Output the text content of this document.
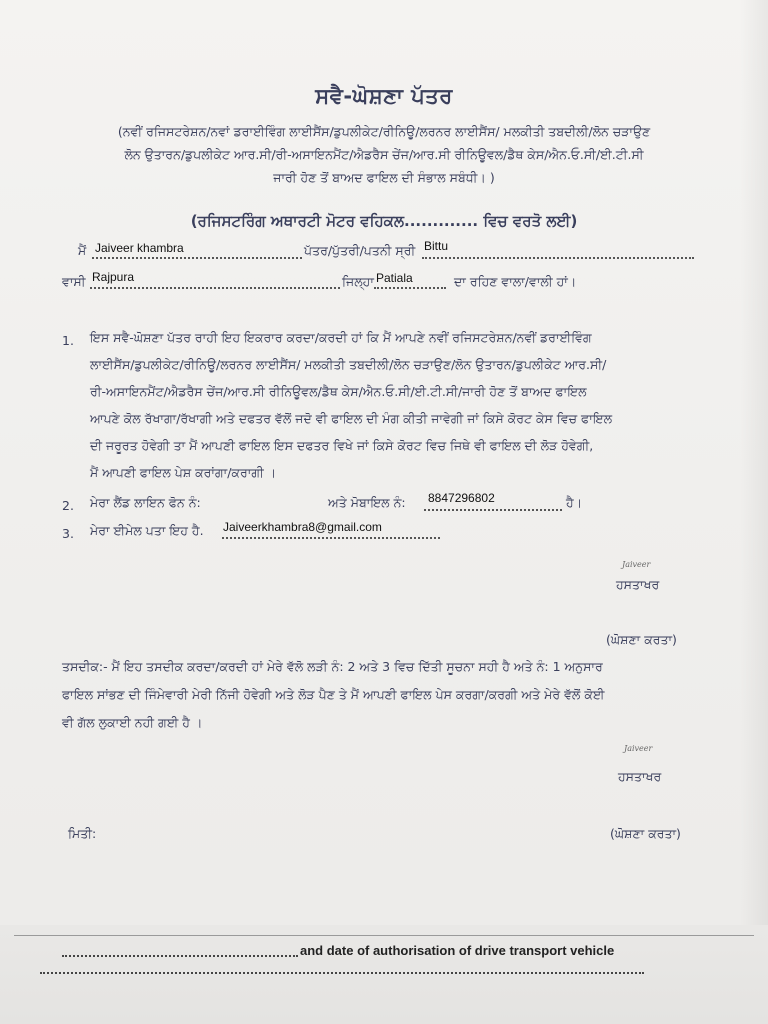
ਸਵੈ-ਘੋਸ਼ਣਾ ਪੱਤਰ
(ਨਵੀਂ ਰਜਿਸਟਰੇਸ਼ਨ/ਨਵਾਂ ਡਰਾਈਵਿੰਗ ਲਾਈਸੈਂਸ/ਡੁਪਲੀਕੇਟ/ਰੀਨਿਊ/ਲਰਨਰ ਲਾਈਸੈਂਸ/ ਮਲਕੀਤੀ ਤਬਦੀਲੀ/ਲੋਨ ਚੜਾਉਣ
ਲੋਨ ਉਤਾਰਨ/ਡੁਪਲੀਕੇਟ ਆਰ.ਸੀ/ਰੀ-ਅਸਾਇਨਮੈਂਟ/ਐਡਰੈਸ ਚੇਂਜ/ਆਰ.ਸੀ ਰੀਨਿਊਵਲ/ਡੈਥ ਕੇਸ/ਐਨ.ਓ.ਸੀ/ਈ.ਟੀ.ਸੀ
ਜਾਰੀ ਹੋਣ ਤੋਂ ਬਾਅਦ ਫਾਇਲ ਦੀ ਸੰਭਾਲ ਸਬੰਧੀ। )
(ਰਜਿਸਟਰਿੰਗ ਅਥਾਰਟੀ ਮੋਟਰ ਵਹਿਕਲ............. ਵਿਚ ਵਰਤੋ ਲਈ)
ਮੈਂ Jaiveer khambra	ਪੱਤਰ/ਪੁੱਤਰੀ/ਪਤਨੀ ਸ੍ਰੀ Bittu
ਵਾਸੀ Rajpura	ਜਿਲ੍ਹਾ Patiala	ਦਾ ਰਹਿਣ ਵਾਲਾ/ਵਾਲੀ ਹਾਂ।
1. ਇਸ ਸਵੈ-ਘੋਸ਼ਣਾ ਪੱਤਰ ਰਾਹੀ ਇਹ ਇਕਰਾਰ ਕਰਦਾ/ਕਰਦੀ ਹਾਂ ਕਿ ਮੈਂ ਆਪਣੇ ਨਵੀਂ ਰਜਿਸਟਰੇਸ਼ਨ/ਨਵੀਂ ਡਰਾਈਵਿੰਗ
ਲਾਈਸੈਂਸ/ਡੁਪਲੀਕੇਟ/ਰੀਨਿਊ/ਲਰਨਰ ਲਾਈਸੈਂਸ/ ਮਲਕੀਤੀ ਤਬਦੀਲੀ/ਲੋਨ ਚੜਾਉਣ/ਲੋਨ ਉਤਾਰਨ/ਡੁਪਲੀਕੇਟ ਆਰ.ਸੀ/
ਰੀ-ਅਸਾਇਨਮੈਂਟ/ਐਡਰੈਸ ਚੇਂਜ/ਆਰ.ਸੀ ਰੀਨਿਊਵਲ/ਡੈਥ ਕੇਸ/ਐਨ.ਓ.ਸੀ/ਈ.ਟੀ.ਸੀ/ਜਾਰੀ ਹੋਣ ਤੋਂ ਬਾਅਦ ਫਾਇਲ
ਆਪਣੇ ਕੋਲ ਰੱਖਾਗਾ/ਰੱਖਾਗੀ ਅਤੇ ਦਫਤਰ ਵੱਲੋਂ ਜਦੋ ਵੀ ਫਾਇਲ ਦੀ ਮੰਗ ਕੀਤੀ ਜਾਵੇਗੀ ਜਾਂ ਕਿਸੇ ਕੋਰਟ ਕੇਸ ਵਿਚ ਫਾਇਲ
ਦੀ ਜਰੂਰਤ ਹੋਵੇਗੀ ਤਾ ਮੈਂ ਆਪਣੀ ਫਾਇਲ ਇਸ ਦਫਤਰ ਵਿਖੇ ਜਾਂ ਕਿਸੇ ਕੋਰਟ ਵਿਚ ਜਿਥੇ ਵੀ ਫਾਇਲ ਦੀ ਲੋੜ ਹੋਵੇਗੀ,
ਮੈਂ ਆਪਣੀ ਫਾਇਲ ਪੇਸ਼ ਕਰਾਂਗਾ/ਕਰਾਗੀ ।
2. ਮੇਰਾ ਲੈਂਡ ਲਾਇਨ ਫੋਨ ਨੰ:	ਅਤੇ ਮੋਬਾਇਲ ਨੰ: 8847296802	ਹੈ।
3. ਮੇਰਾ ਈਮੇਲ ਪਤਾ ਇਹ ਹੈ. Jaiveerkhambra8@gmail.com
Jaiveer
ਹਸਤਾਖਰ
(ਘੋਸ਼ਣਾ ਕਰਤਾ)
ਤਸਦੀਕ:- ਮੈਂ ਇਹ ਤਸਦੀਕ ਕਰਦਾ/ਕਰਦੀ ਹਾਂ ਮੇਰੇ ਵੱਲੋ ਲੜੀ ਨੰ: 2 ਅਤੇ 3 ਵਿਚ ਦਿੱਤੀ ਸੂਚਨਾ ਸਹੀ ਹੈ ਅਤੇ ਨੰ: 1 ਅਨੁਸਾਰ
ਫਾਇਲ ਸਾਂਭਣ ਦੀ ਜਿੰਮੇਵਾਰੀ ਮੇਰੀ ਨਿੱਜੀ ਹੋਵੇਗੀ ਅਤੇ ਲੋੜ ਪੈਣ ਤੇ ਮੈਂ ਆਪਣੀ ਫਾਇਲ ਪੇਸ ਕਰਗਾ/ਕਰਗੀ ਅਤੇ ਮੇਰੇ ਵੱਲੋਂ ਕੋਈ
ਵੀ ਗੱਲ ਲੁਕਾਈ ਨਹੀ ਗਈ ਹੈ ।
Jaiveer
ਹਸਤਾਖਰ
ਮਿਤੀ:	(ਘੋਸ਼ਣਾ ਕਰਤਾ)
and date of authorisation of drive transport vehicle
